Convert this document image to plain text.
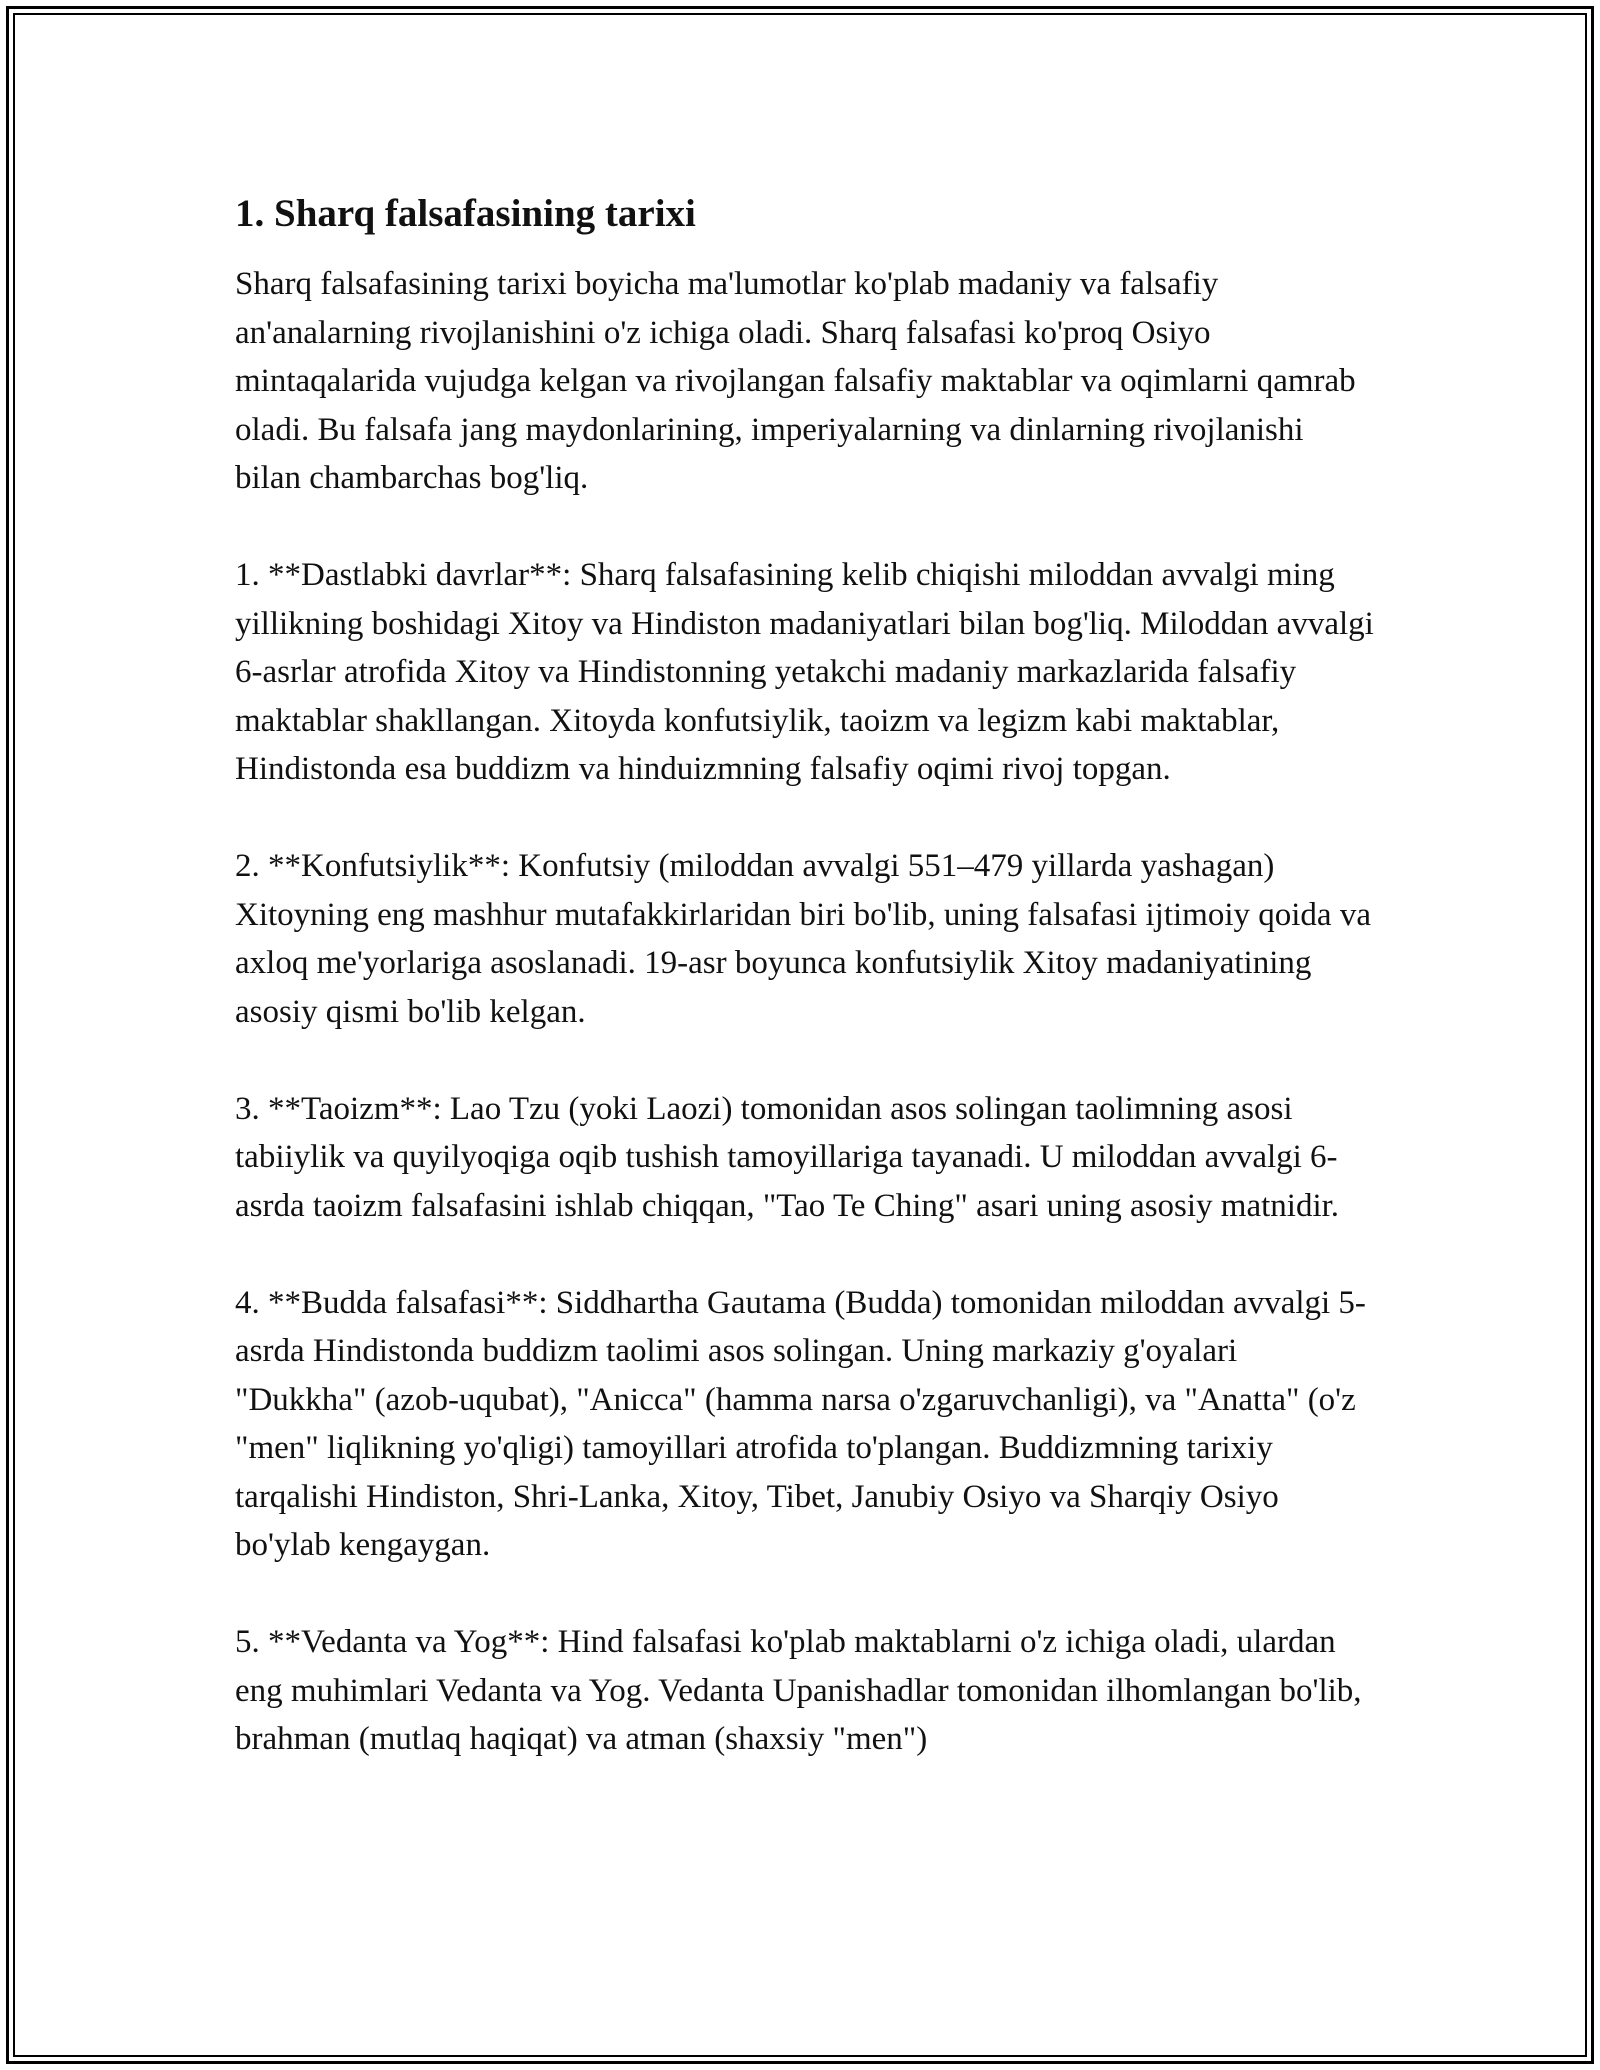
1. Sharq falsafasining tarixi

Sharq falsafasining tarixi boyicha ma'lumotlar ko'plab madaniy va falsafiy an'analarning rivojlanishini o'z ichiga oladi. Sharq falsafasi ko'proq Osiyo mintaqalarida vujudga kelgan va rivojlangan falsafiy maktablar va oqimlarni qamrab oladi. Bu falsafa jang maydonlarining, imperiyalarning va dinlarning rivojlanishi bilan chambarchas bog'liq.

1. **Dastlabki davrlar**: Sharq falsafasining kelib chiqishi miloddan avvalgi ming yillikning boshidagi Xitoy va Hindiston madaniyatlari bilan bog'liq. Miloddan avvalgi 6-asrlar atrofida Xitoy va Hindistonning yetakchi madaniy markazlarida falsafiy maktablar shakllangan. Xitoyda konfutsiylik, taoizm va legizm kabi maktablar, Hindistonda esa buddizm va hinduizmning falsafiy oqimi rivoj topgan.

2. **Konfutsiylik**: Konfutsiy (miloddan avvalgi 551–479 yillarda yashagan) Xitoyning eng mashhur mutafakkirlaridan biri bo'lib, uning falsafasi ijtimoiy qoida va axloq me'yorlariga asoslanadi. 19-asr boyunca konfutsiylik Xitoy madaniyatining asosiy qismi bo'lib kelgan.

3. **Taoizm**: Lao Tzu (yoki Laozi) tomonidan asos solingan taolimning asosi tabiiylik va quyilyoqiga oqib tushish tamoyillariga tayanadi. U miloddan avvalgi 6-asrda taoizm falsafasini ishlab chiqqan, "Tao Te Ching" asari uning asosiy matnidir.

4. **Budda falsafasi**: Siddhartha Gautama (Budda) tomonidan miloddan avvalgi 5-asrda Hindistonda buddizm taolimi asos solingan. Uning markaziy g'oyalari "Dukkha" (azob-uqubat), "Anicca" (hamma narsa o'zgaruvchanligi), va "Anatta" (o'z "men" liqlikning yo'qligi) tamoyillari atrofida to'plangan. Buddizmning tarixiy tarqalishi Hindiston, Shri-Lanka, Xitoy, Tibet, Janubiy Osiyo va Sharqiy Osiyo bo'ylab kengaygan.

5. **Vedanta va Yog**: Hind falsafasi ko'plab maktablarni o'z ichiga oladi, ulardan eng muhimlari Vedanta va Yog. Vedanta Upanishadlar tomonidan ilhomlangan bo'lib, brahman (mutlaq haqiqat) va atman (shaxsiy "men")
